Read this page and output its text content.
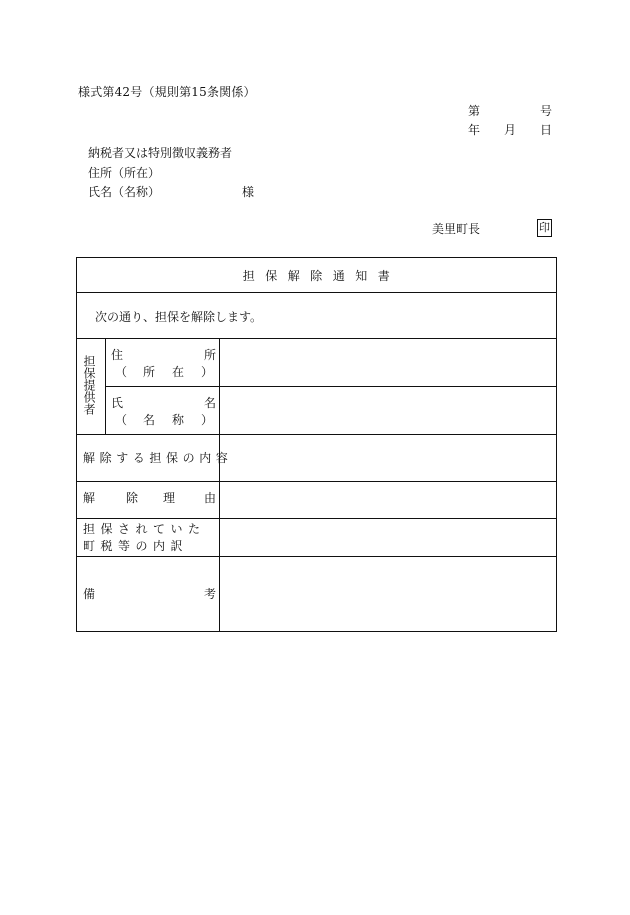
様式第42号（規則第15条関係）
第	号
年 月 日
納税者又は特別徴収義務者
住所（所在）
氏名（名称）	様
美里町長	印
担保解除通知書
次の通り、担保を解除します。
担保提供者 住	所
（ 所 在 ）
氏	名
（ 名 称 ）
解除する担保の内容
解	除 理 由
担保されていた
町税等の内訳
備	考
